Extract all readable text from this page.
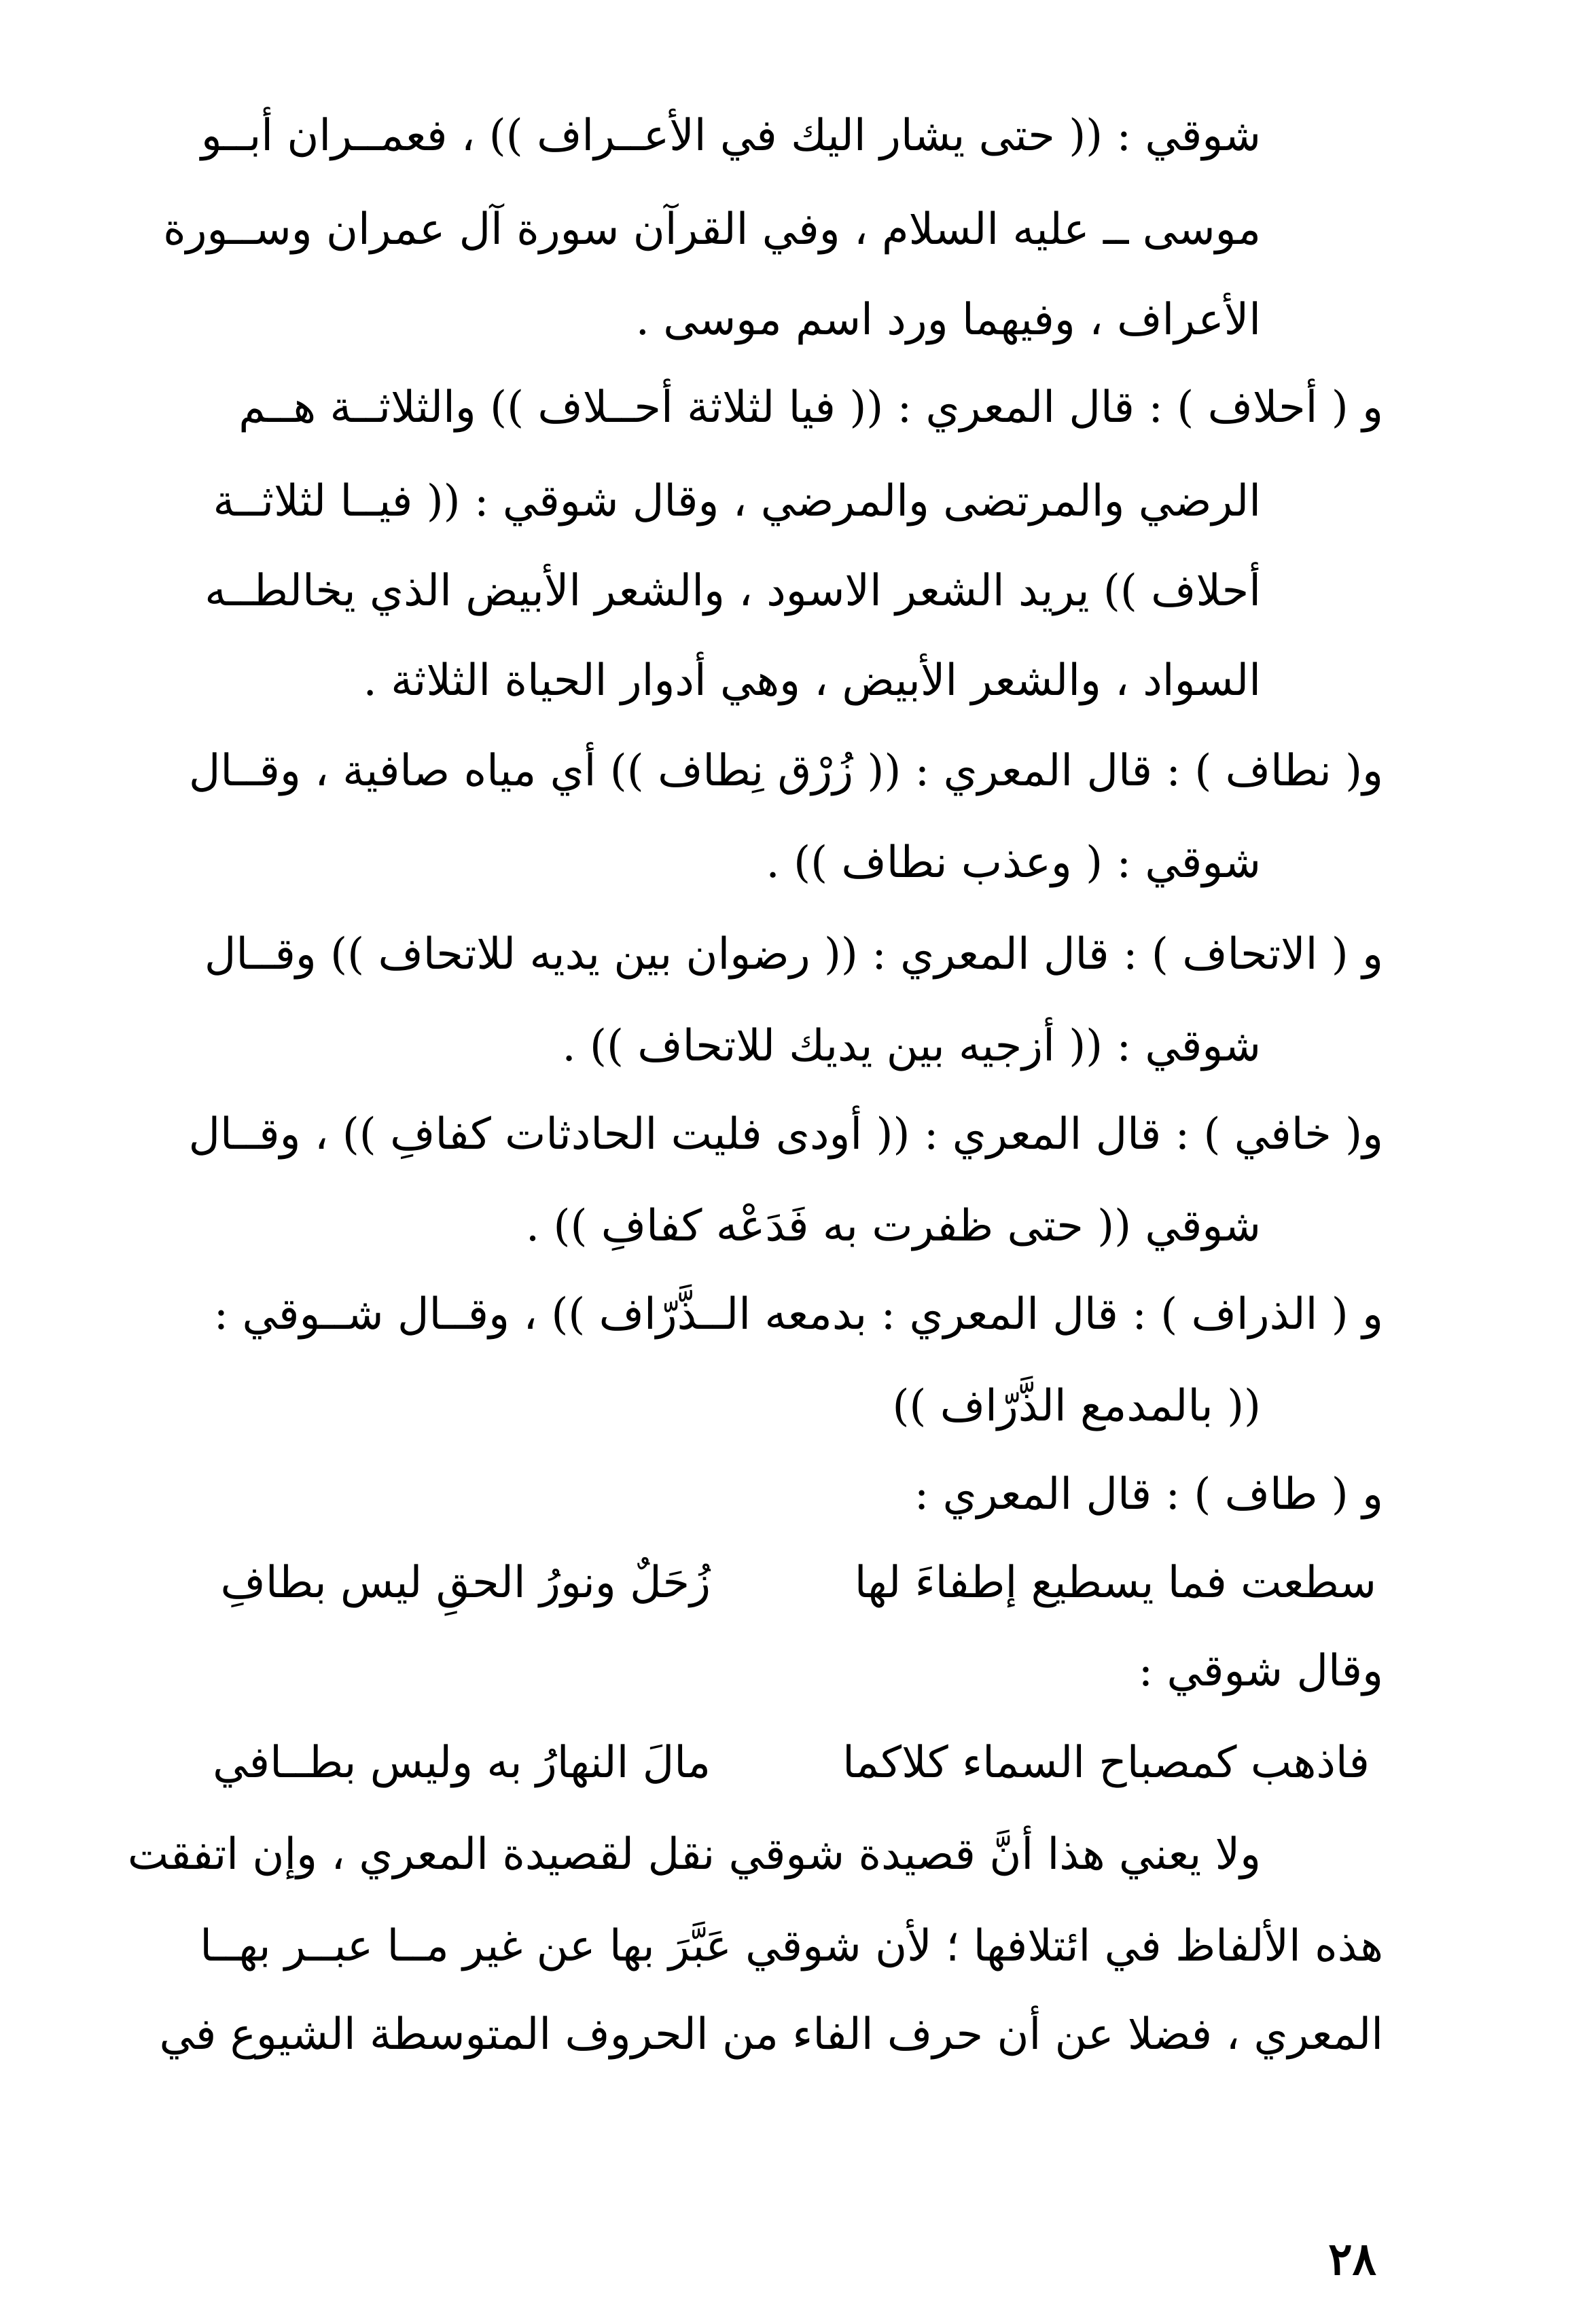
شوقي : (( حتى يشار اليك في الأعــراف )) ، فعمــران أبــو
موسى ــ عليه السلام ، وفي القرآن سورة آل عمران وســورة
الأعراف ، وفيهما ورد اسم موسى .
و ( أحلاف ) : قال المعري : (( فيا لثلاثة أحــلاف )) والثلاثــة هــم
الرضي والمرتضى والمرضي ، وقال شوقي : (( فيــا لثلاثــة
أحلاف )) يريد الشعر الاسود ، والشعر الأبيض الذي يخالطــه
السواد ، والشعر الأبيض ، وهي أدوار الحياة الثلاثة .
و( نطاف ) : قال المعري : (( زُرْق نِطاف )) أي مياه صافية ، وقــال
شوقي : ( وعذب نطاف )) .
و ( الاتحاف ) : قال المعري : (( رضوان بين يديه للاتحاف )) وقــال
شوقي : (( أزجيه بين يديك للاتحاف )) .
و( خافي ) : قال المعري : (( أودى فليت الحادثات كفافِ )) ، وقــال
شوقي (( حتى ظفرت به فَدَعْه كفافِ )) .
و ( الذراف ) : قال المعري : بدمعه الــذَّرّاف )) ، وقــال شــوقي :
(( بالمدمع الذَّرّاف ))
و ( طاف ) : قال المعري :
سطعت فما يسطيع إطفاءَ لها
زُحَلٌ ونورُ الحقِ ليس بطافِ
وقال شوقي :
فاذهب كمصباح السماء كلاكما
مالَ النهارُ به وليس بطــافي
ولا يعني هذا أنَّ قصيدة شوقي نقل لقصيدة المعري ، وإن اتفقت
هذه الألفاظ في ائتلافها ؛ لأن شوقي عَبَّرَ بها عن غير مــا عبــر بهــا
المعري ، فضلا عن أن حرف الفاء من الحروف المتوسطة الشيوع في
٢٨
